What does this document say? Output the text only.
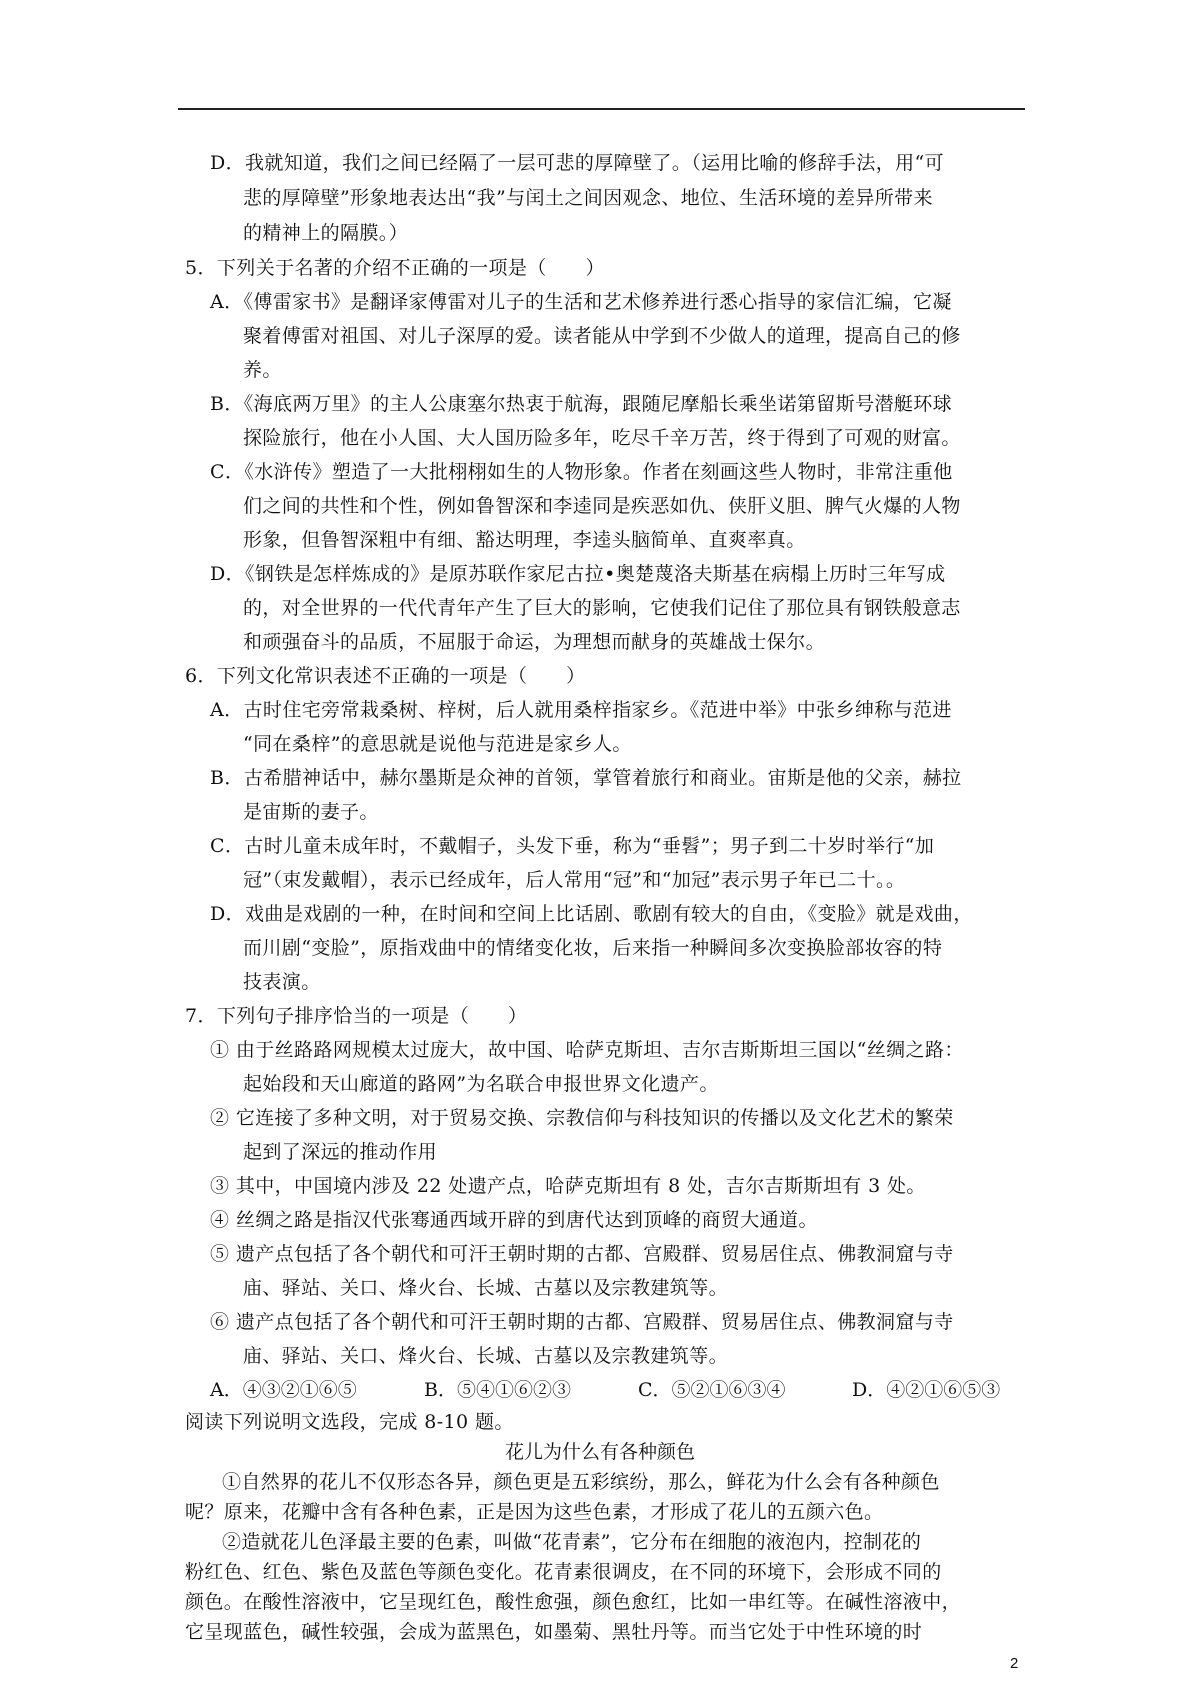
D．我就知道，我们之间已经隔了一层可悲的厚障壁了。（运用比喻的修辞手法，用“可
悲的厚障壁”形象地表达出“我”与闰土之间因观念、地位、生活环境的差异所带来
的精神上的隔膜。）
5．下列关于名著的介绍不正确的一项是（　　）
A．《傅雷家书》是翻译家傅雷对儿子的生活和艺术修养进行悉心指导的家信汇编，它凝
聚着傅雷对祖国、对儿子深厚的爱。读者能从中学到不少做人的道理，提高自己的修
养。
B．《海底两万里》的主人公康塞尔热衷于航海，跟随尼摩船长乘坐诺第留斯号潜艇环球
探险旅行，他在小人国、大人国历险多年，吃尽千辛万苦，终于得到了可观的财富。
C．《水浒传》塑造了一大批栩栩如生的人物形象。作者在刻画这些人物时，非常注重他
们之间的共性和个性，例如鲁智深和李逵同是疾恶如仇、侠肝义胆、脾气火爆的人物
形象，但鲁智深粗中有细、豁达明理，李逵头脑简单、直爽率真。
D．《钢铁是怎样炼成的》是原苏联作家尼古拉•奥楚蔑洛夫斯基在病榻上历时三年写成
的，对全世界的一代代青年产生了巨大的影响，它使我们记住了那位具有钢铁般意志
和顽强奋斗的品质，不屈服于命运，为理想而献身的英雄战士保尔。
6．下列文化常识表述不正确的一项是（　　）
A．古时住宅旁常栽桑树、梓树，后人就用桑梓指家乡。《范进中举》中张乡绅称与范进
“同在桑梓”的意思就是说他与范进是家乡人。
B．古希腊神话中，赫尔墨斯是众神的首领，掌管着旅行和商业。宙斯是他的父亲，赫拉
是宙斯的妻子。
C．古时儿童未成年时，不戴帽子，头发下垂，称为“垂髫”；男子到二十岁时举行“加
冠”（束发戴帽），表示已经成年，后人常用“冠”和“加冠”表示男子年已二十。。
D．戏曲是戏剧的一种，在时间和空间上比话剧、歌剧有较大的自由，《变脸》就是戏曲，
而川剧“变脸”，原指戏曲中的情绪变化妆，后来指一种瞬间多次变换脸部妆容的特
技表演。
7．下列句子排序恰当的一项是（　　）
① 由于丝路路网规模太过庞大，故中国、哈萨克斯坦、吉尔吉斯斯坦三国以“丝绸之路：
起始段和天山廊道的路网”为名联合申报世界文化遗产。
② 它连接了多种文明，对于贸易交换、宗教信仰与科技知识的传播以及文化艺术的繁荣
起到了深远的推动作用
③ 其中，中国境内涉及 22 处遗产点，哈萨克斯坦有 8 处，吉尔吉斯斯坦有 3 处。
④ 丝绸之路是指汉代张骞通西域开辟的到唐代达到顶峰的商贸大通道。
⑤ 遗产点包括了各个朝代和可汗王朝时期的古都、宫殿群、贸易居住点、佛教洞窟与寺
庙、驿站、关口、烽火台、长城、古墓以及宗教建筑等。
⑥ 遗产点包括了各个朝代和可汗王朝时期的古都、宫殿群、贸易居住点、佛教洞窟与寺
庙、驿站、关口、烽火台、长城、古墓以及宗教建筑等。
A．④③②①⑥⑤	B．⑤④①⑥②③	C．⑤②①⑥③④	D．④②①⑥⑤③
阅读下列说明文选段，完成 8-10 题。
花儿为什么有各种颜色
①自然界的花儿不仅形态各异，颜色更是五彩缤纷，那么，鲜花为什么会有各种颜色
呢？原来，花瓣中含有各种色素，正是因为这些色素，才形成了花儿的五颜六色。
②造就花儿色泽最主要的色素，叫做“花青素”，它分布在细胞的液泡内，控制花的
粉红色、红色、紫色及蓝色等颜色变化。花青素很调皮，在不同的环境下，会形成不同的
颜色。在酸性溶液中，它呈现红色，酸性愈强，颜色愈红，比如一串红等。在碱性溶液中，
它呈现蓝色，碱性较强，会成为蓝黑色，如墨菊、黑牡丹等。而当它处于中性环境的时
2
